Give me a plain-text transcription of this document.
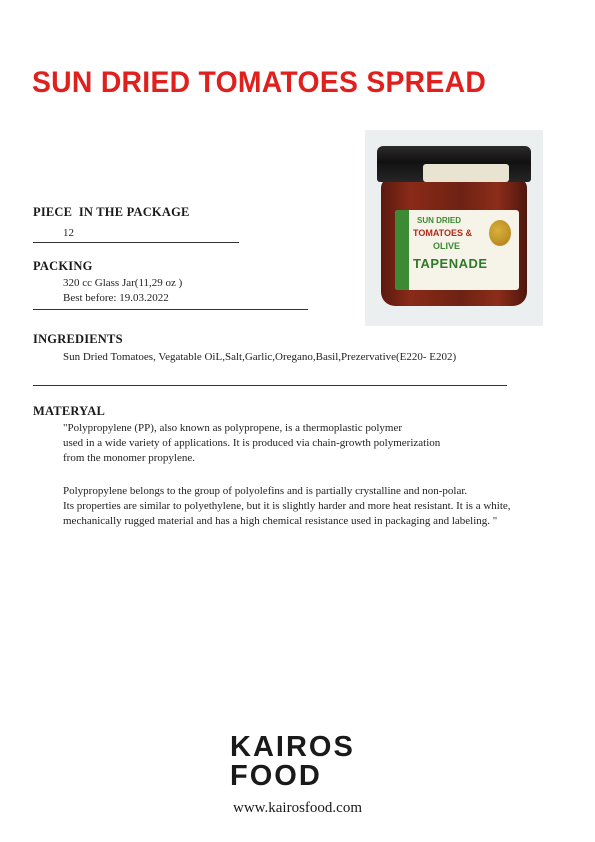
SUN DRIED TOMATOES SPREAD
SUN DRIED
TOMATOES &
OLIVE
TAPENADE
PIECE  IN THE PACKAGE
12
PACKING
320 cc Glass Jar(11,29 oz )
Best before: 19.03.2022
INGREDIENTS
Sun Dried Tomatoes, Vegatable OiL,Salt,Garlic,Oregano,Basil,Prezervative(E220- E202)
MATERYAL
"Polypropylene (PP), also known as polypropene, is a thermoplastic polymer
used in a wide variety of applications. It is produced via chain-growth polymerization
from the monomer propylene.
Polypropylene belongs to the group of polyolefins and is partially crystalline and non-polar.
Its properties are similar to polyethylene, but it is slightly harder and more heat resistant. It is a white,
mechanically rugged material and has a high chemical resistance used in packaging and labeling. "
KAIROS
FOOD
www.kairosfood.com
